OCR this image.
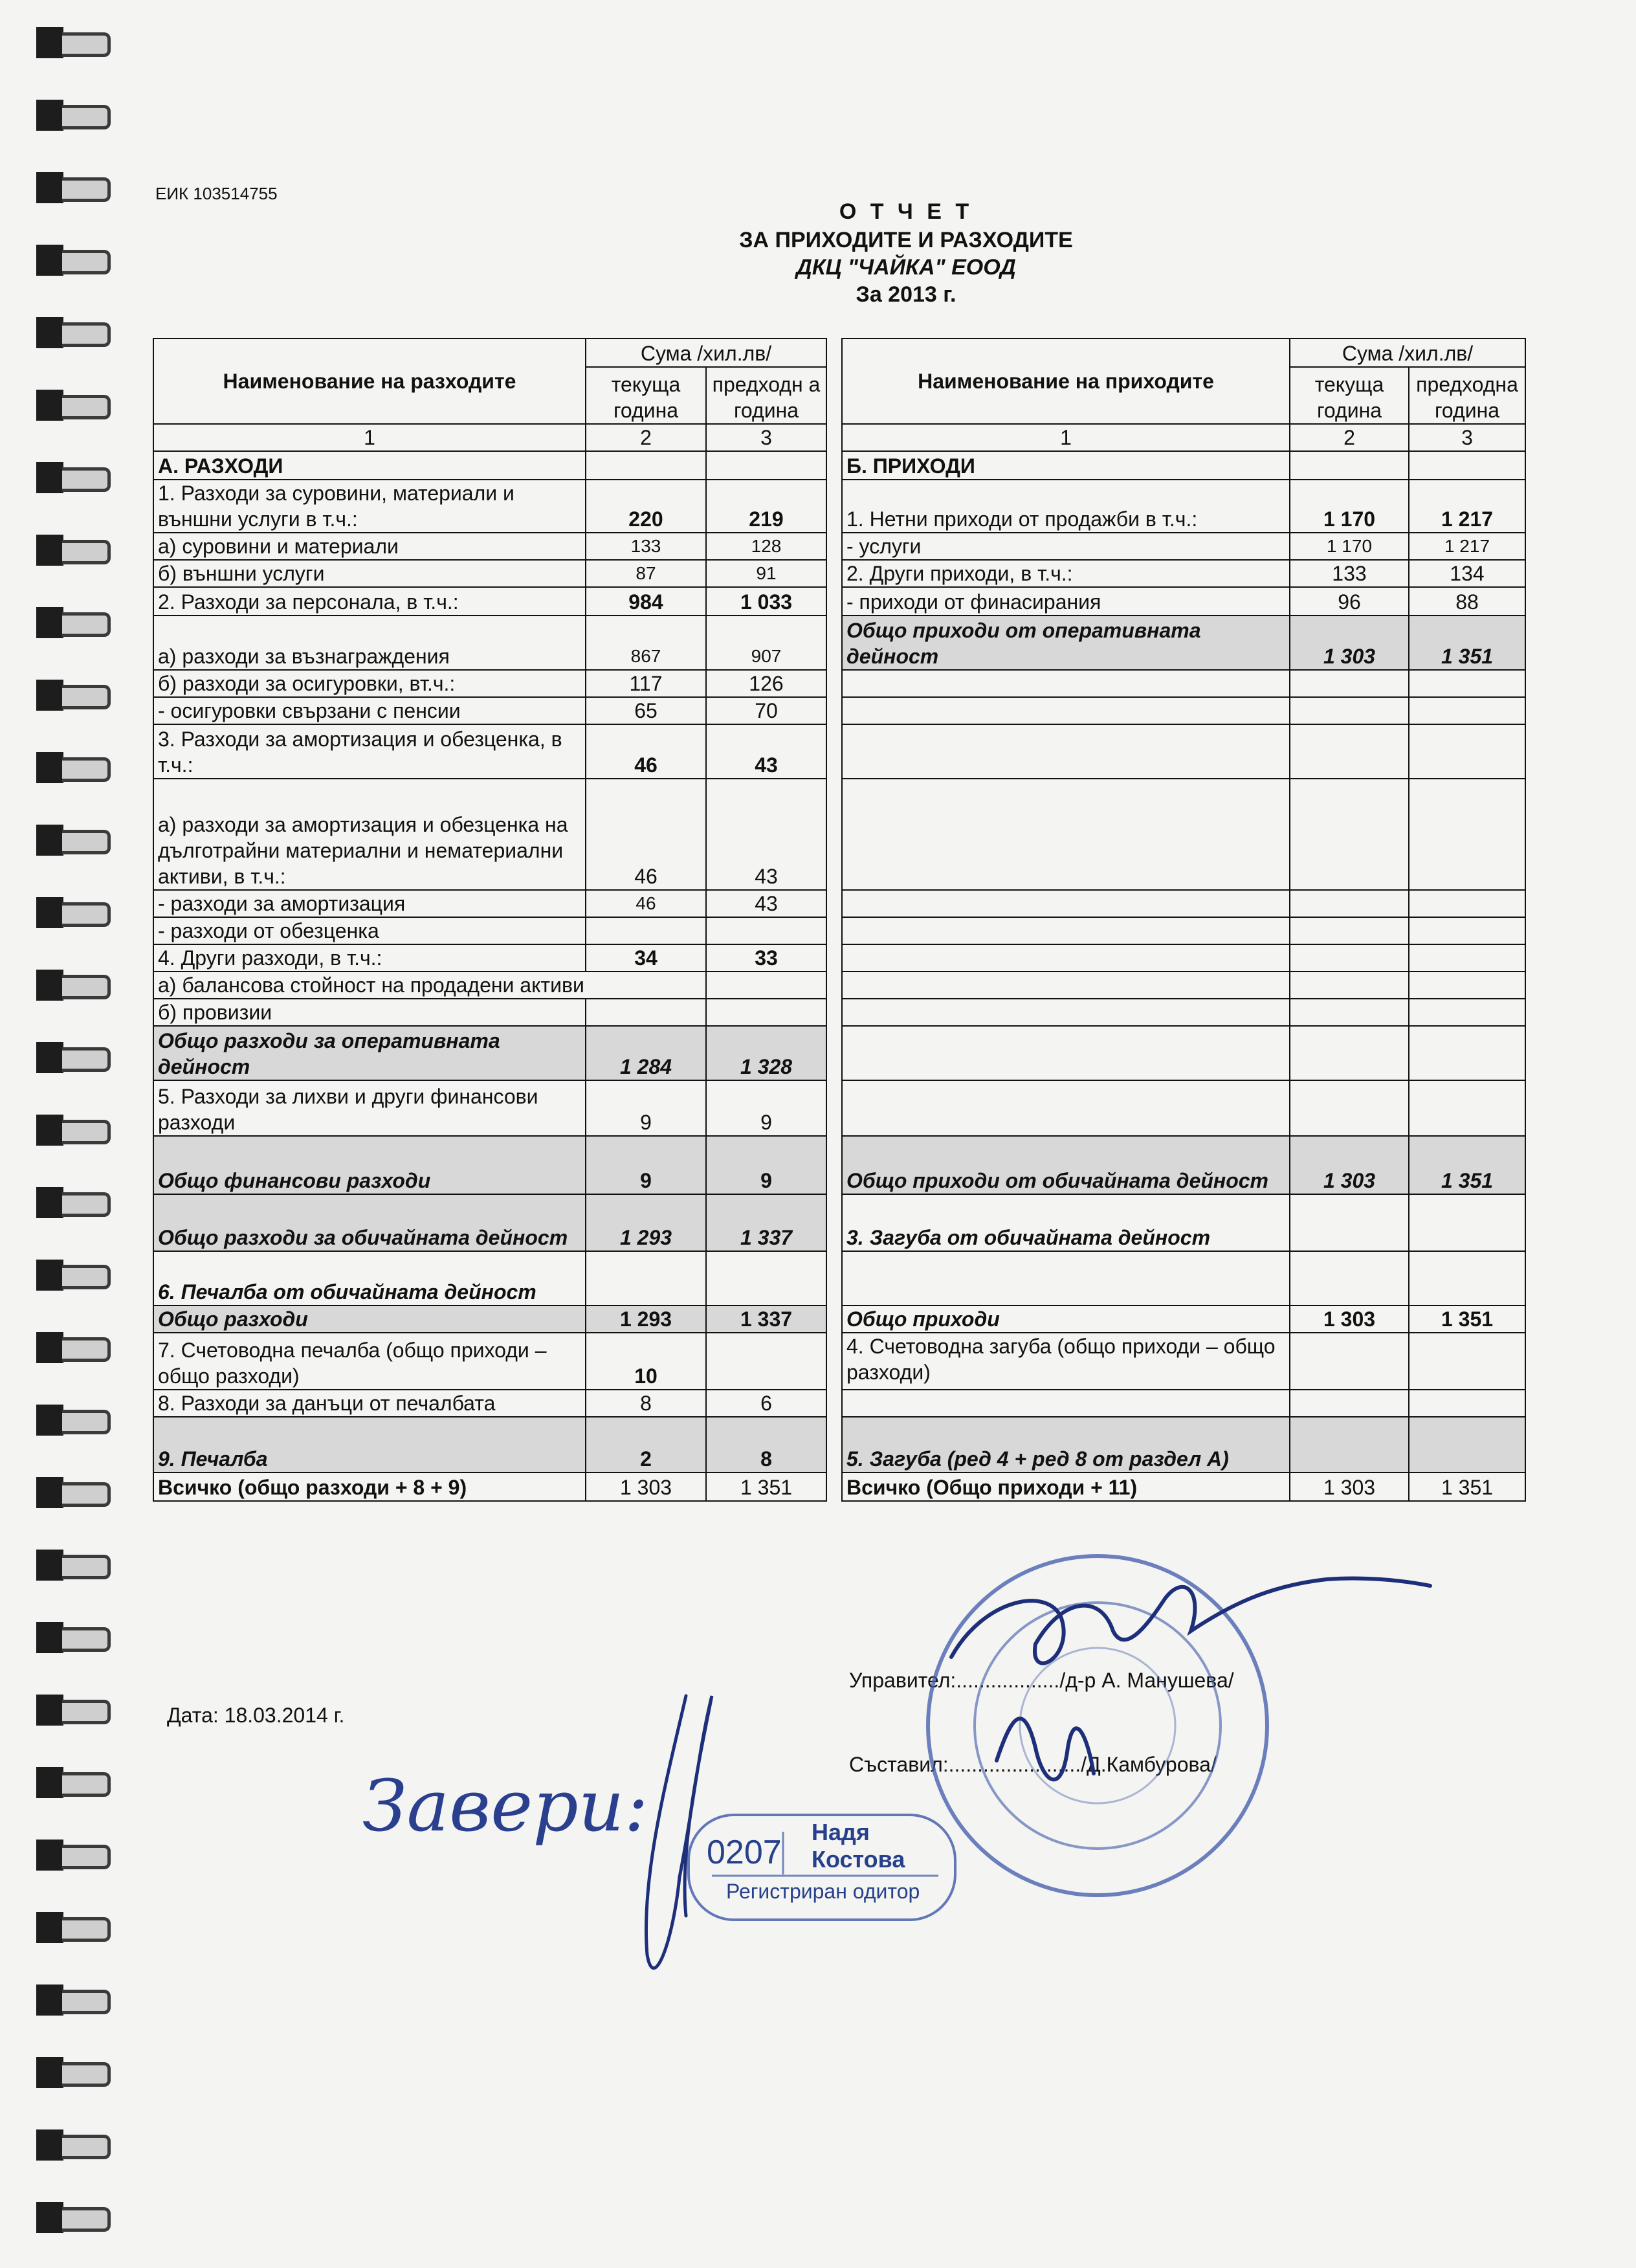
ЕИК 103514755
О Т Ч Е Т
ЗА ПРИХОДИТЕ И РАЗХОДИТЕ
ДКЦ "ЧАЙКА" ЕООД
За 2013 г.
Наименование на разходите	Сума /хил.лв/			Наименование на приходите	Сума /хил.лв/	
	текуща година	предходн а година			текуща година	предходна година
1	2	3		1	2	3
А. РАЗХОДИ				Б. ПРИХОДИ		
1. Разходи за суровини, материали и външни услуги в т.ч.:	220	219		1. Нетни приходи от продажби в т.ч.:	1 170	1 217
а) суровини и материали	133	128		- услуги	1 170	1 217
б) външни услуги	87	91		2. Други приходи, в т.ч.:	133	134
2. Разходи за персонала, в т.ч.:	984	1 033		- приходи от финасирания	96	88
а) разходи за възнаграждения	867	907		Общо приходи от оперативната дейност	1 303	1 351
б) разходи за осигуровки, вт.ч.:	117	126				
- осигуровки свързани с пенсии	65	70				
3. Разходи за амортизация и обезценка, в т.ч.:	46	43				
а) разходи за амортизация и обезценка на дълготрайни материални и нематериални активи, в т.ч.:	46	43				
- разходи за амортизация	46	43				
- разходи от обезценка						
4. Други разходи, в т.ч.:	34	33				
а) балансова стойност на продадени активи						
б) провизии						
Общо разходи за оперативната дейност	1 284	1 328				
5. Разходи за лихви и други финансови разходи	9	9				
Общо финансови разходи	9	9		Общо приходи от обичайната дейност	1 303	1 351
Общо разходи за обичайната дейност	1 293	1 337		3. Загуба от обичайната дейност		
6. Печалба от обичайната дейност						
Общо разходи	1 293	1 337		Общо приходи	1 303	1 351
7. Счетоводна печалба (общо приходи – общо разходи)	10			4. Счетоводна загуба (общо приходи – общо разходи)		
8. Разходи за данъци от печалбата	8	6				
9. Печалба	2	8		5. Загуба (ред 4 + ред 8 от раздел А)		
Всичко (общо разходи + 8 + 9)	1 303	1 351		Всичко (Общо приходи + 11)	1 303	1 351
Дата: 18.03.2014 г.
Управител:................../д-р А. Манушева/
Съставил:......................./Д.Камбурова/
0207
Надя
Костова
Регистриран одитор
Завери:
